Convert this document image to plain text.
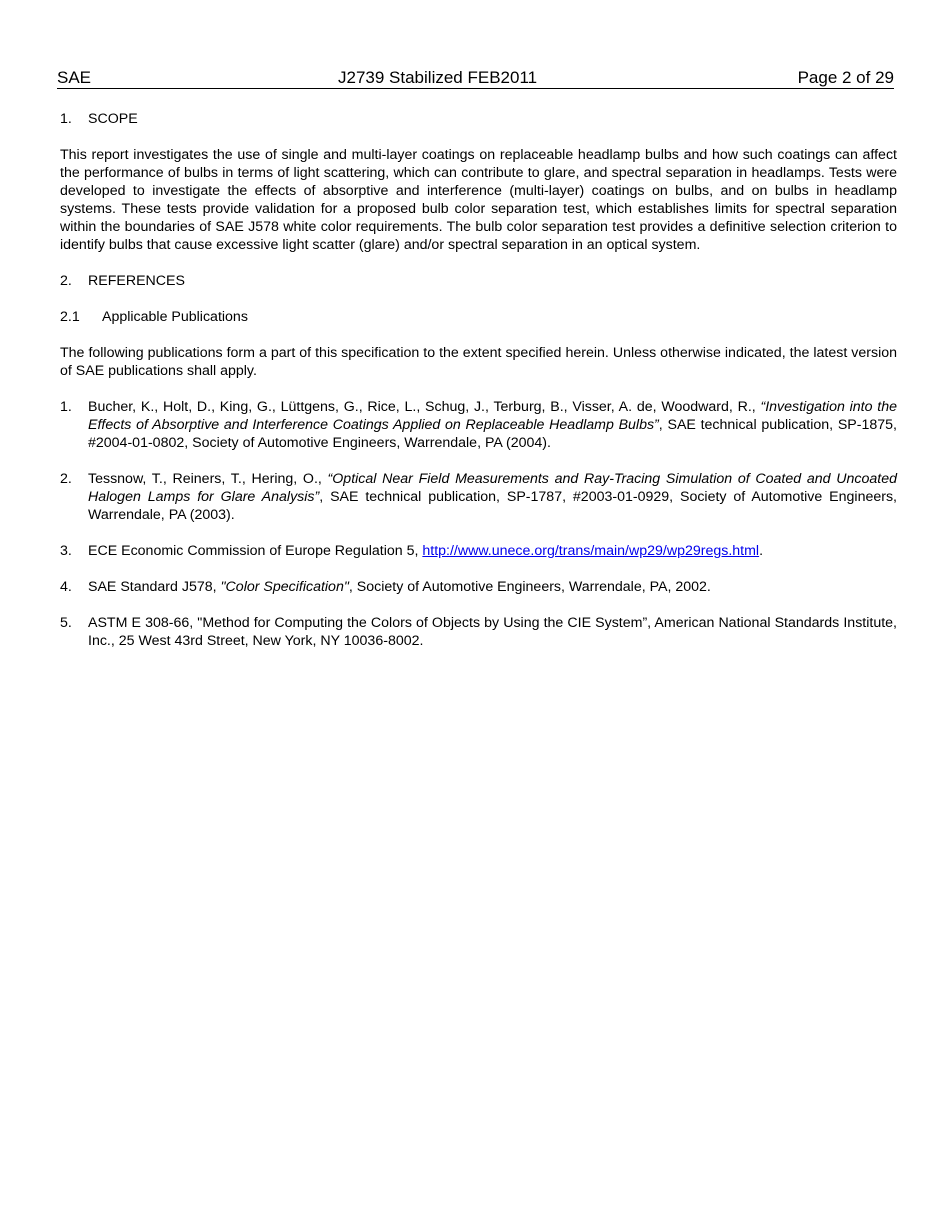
SAE	J2739 Stabilized FEB2011	Page 2 of 29
1. SCOPE

This report investigates the use of single and multi-layer coatings on replaceable headlamp bulbs and how such coatings can affect the performance of bulbs in terms of light scattering, which can contribute to glare, and spectral separation in headlamps. Tests were developed to investigate the effects of absorptive and interference (multi-layer) coatings on bulbs, and on bulbs in headlamp systems. These tests provide validation for a proposed bulb color separation test, which establishes limits for spectral separation within the boundaries of SAE J578 white color requirements. The bulb color separation test provides a definitive selection criterion to identify bulbs that cause excessive light scatter (glare) and/or spectral separation in an optical system.

2. REFERENCES
2.1 Applicable Publications

The following publications form a part of this specification to the extent specified herein. Unless otherwise indicated, the latest version of SAE publications shall apply.

1. Bucher, K., Holt, D., King, G., Lüttgens, G., Rice, L., Schug, J., Terburg, B., Visser, A. de, Woodward, R., “Investigation into the Effects of Absorptive and Interference Coatings Applied on Replaceable Headlamp Bulbs”, SAE technical publication, SP-1875, #2004-01-0802, Society of Automotive Engineers, Warrendale, PA (2004).
2. Tessnow, T., Reiners, T., Hering, O., “Optical Near Field Measurements and Ray-Tracing Simulation of Coated and Uncoated Halogen Lamps for Glare Analysis”, SAE technical publication, SP-1787, #2003-01-0929, Society of Automotive Engineers, Warrendale, PA (2003).
3. ECE Economic Commission of Europe Regulation 5, http://www.unece.org/trans/main/wp29/wp29regs.html.
4. SAE Standard J578, "Color Specification", Society of Automotive Engineers, Warrendale, PA, 2002.
5. ASTM E 308-66, "Method for Computing the Colors of Objects by Using the CIE System”, American National Standards Institute, Inc., 25 West 43rd Street, New York, NY 10036-8002.
